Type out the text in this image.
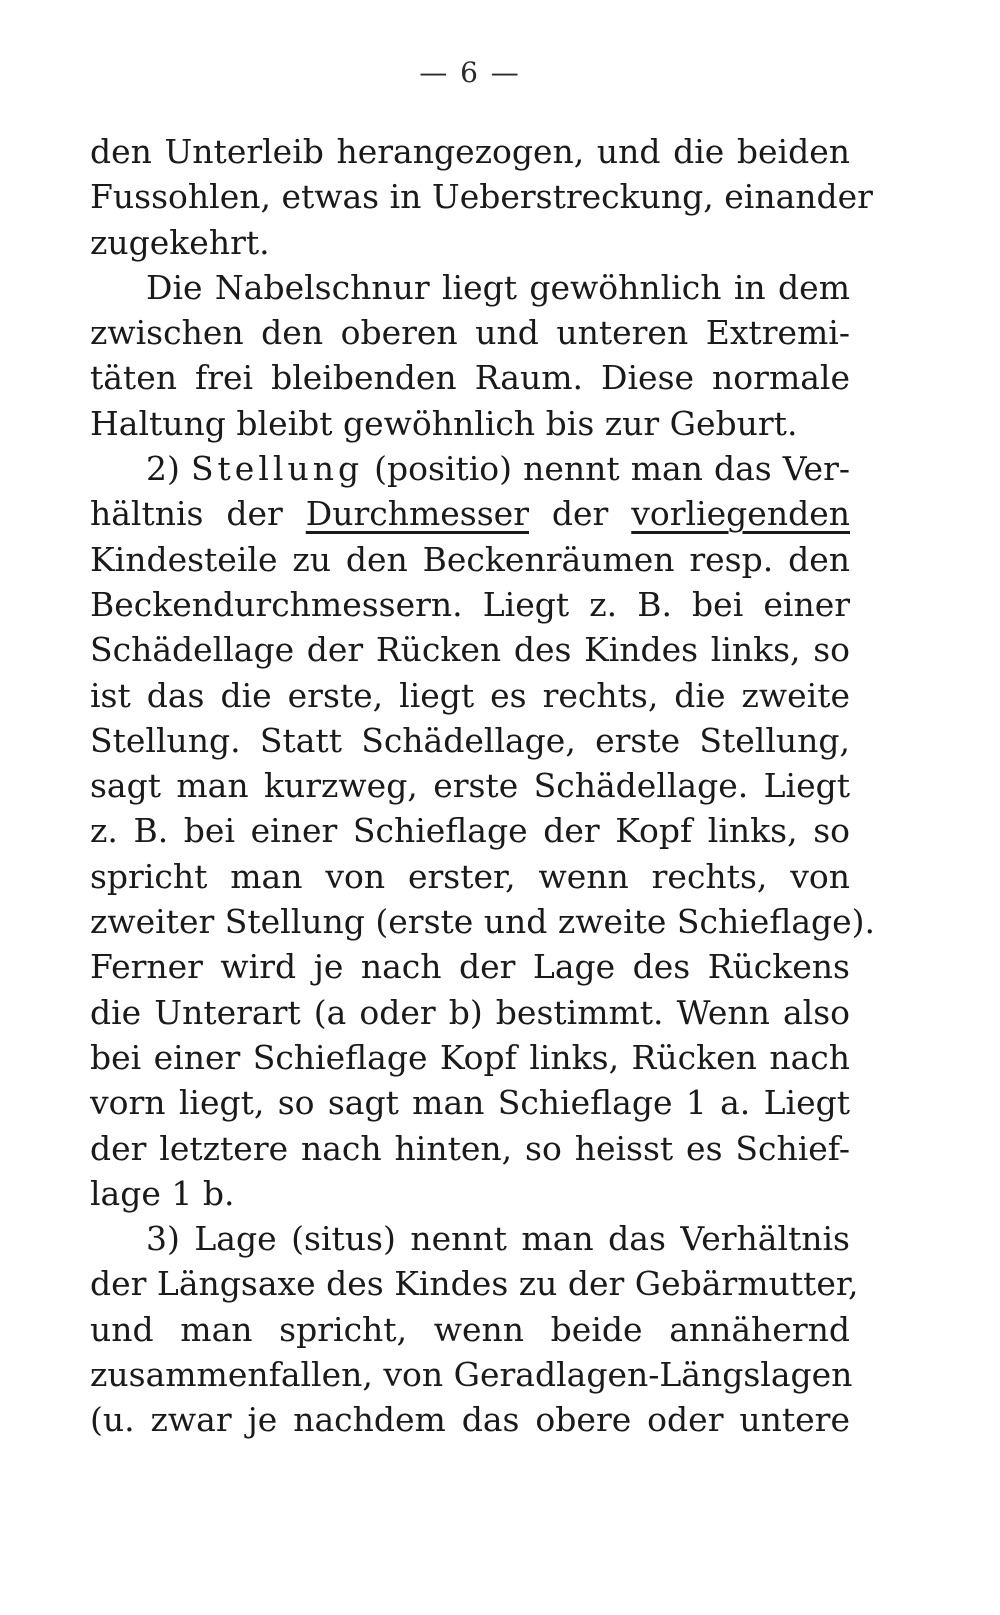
— 6 —
den Unterleib herangezogen, und die beiden
Fussohlen, etwas in Ueberstreckung, einander
zugekehrt.
Die Nabelschnur liegt gewöhnlich in dem
zwischen den oberen und unteren Extremi-
täten frei bleibenden Raum. Diese normale
Haltung bleibt gewöhnlich bis zur Geburt.
2) Stellung (positio) nennt man das Ver-
hältnis der Durchmesser der vorliegenden
Kindesteile zu den Beckenräumen resp. den
Beckendurchmessern. Liegt z. B. bei einer
Schädellage der Rücken des Kindes links, so
ist das die erste, liegt es rechts, die zweite
Stellung. Statt Schädellage, erste Stellung,
sagt man kurzweg, erste Schädellage. Liegt
z. B. bei einer Schieflage der Kopf links, so
spricht man von erster, wenn rechts, von
zweiter Stellung (erste und zweite Schieflage).
Ferner wird je nach der Lage des Rückens
die Unterart (a oder b) bestimmt. Wenn also
bei einer Schieflage Kopf links, Rücken nach
vorn liegt, so sagt man Schieflage 1 a. Liegt
der letztere nach hinten, so heisst es Schief-
lage 1 b.
3) Lage (situs) nennt man das Verhältnis
der Längsaxe des Kindes zu der Gebärmutter,
und man spricht, wenn beide annähernd
zusammenfallen, von Geradlagen-Längslagen
(u. zwar je nachdem das obere oder untere
